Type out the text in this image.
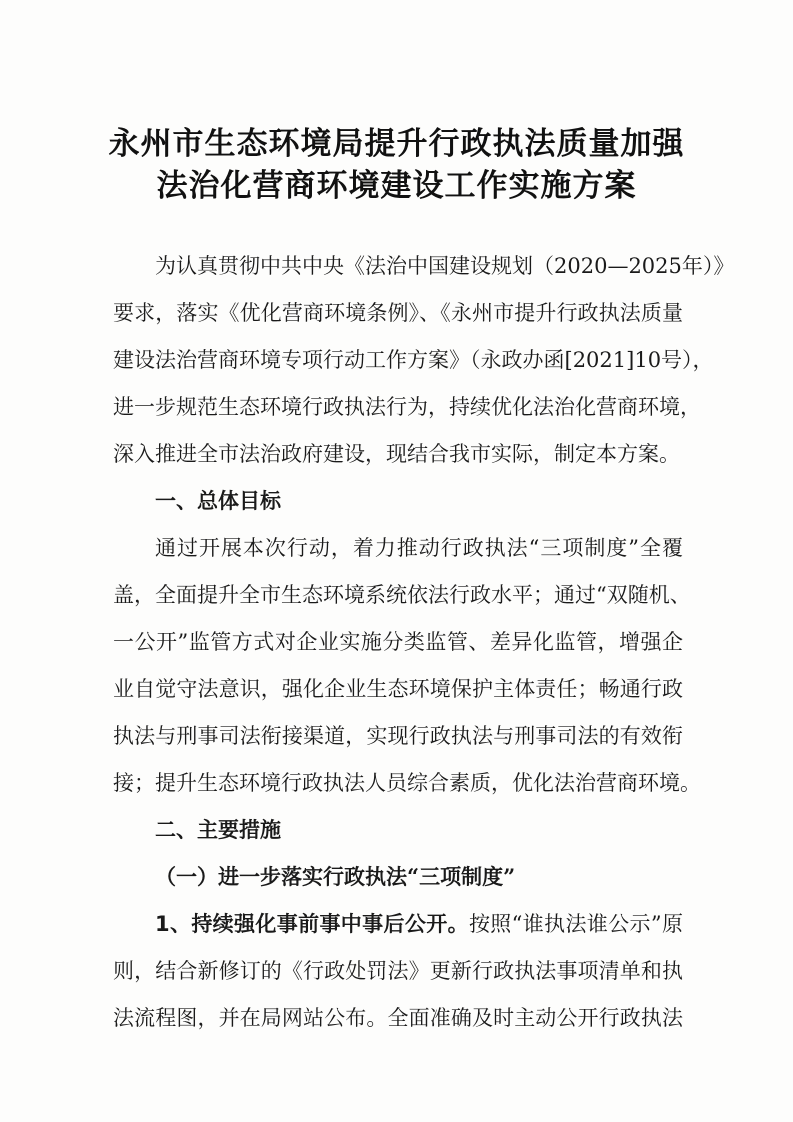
永州市生态环境局提升行政执法质量加强
法治化营商环境建设工作实施方案
为认真贯彻中共中央《法治中国建设规划（2020—2025年）》
要求，落实《优化营商环境条例》、《永州市提升行政执法质量
建设法治营商环境专项行动工作方案》（永政办函[2021]10号），
进一步规范生态环境行政执法行为，持续优化法治化营商环境，
深入推进全市法治政府建设，现结合我市实际，制定本方案。
一、总体目标
通过开展本次行动，着力推动行政执法“三项制度”全覆
盖，全面提升全市生态环境系统依法行政水平；通过“双随机、
一公开”监管方式对企业实施分类监管、差异化监管，增强企
业自觉守法意识，强化企业生态环境保护主体责任；畅通行政
执法与刑事司法衔接渠道，实现行政执法与刑事司法的有效衔
接；提升生态环境行政执法人员综合素质，优化法治营商环境。
二、主要措施
（一）进一步落实行政执法“三项制度”
1、持续强化事前事中事后公开。按照“谁执法谁公示”原
则，结合新修订的《行政处罚法》更新行政执法事项清单和执
法流程图，并在局网站公布。全面准确及时主动公开行政执法
